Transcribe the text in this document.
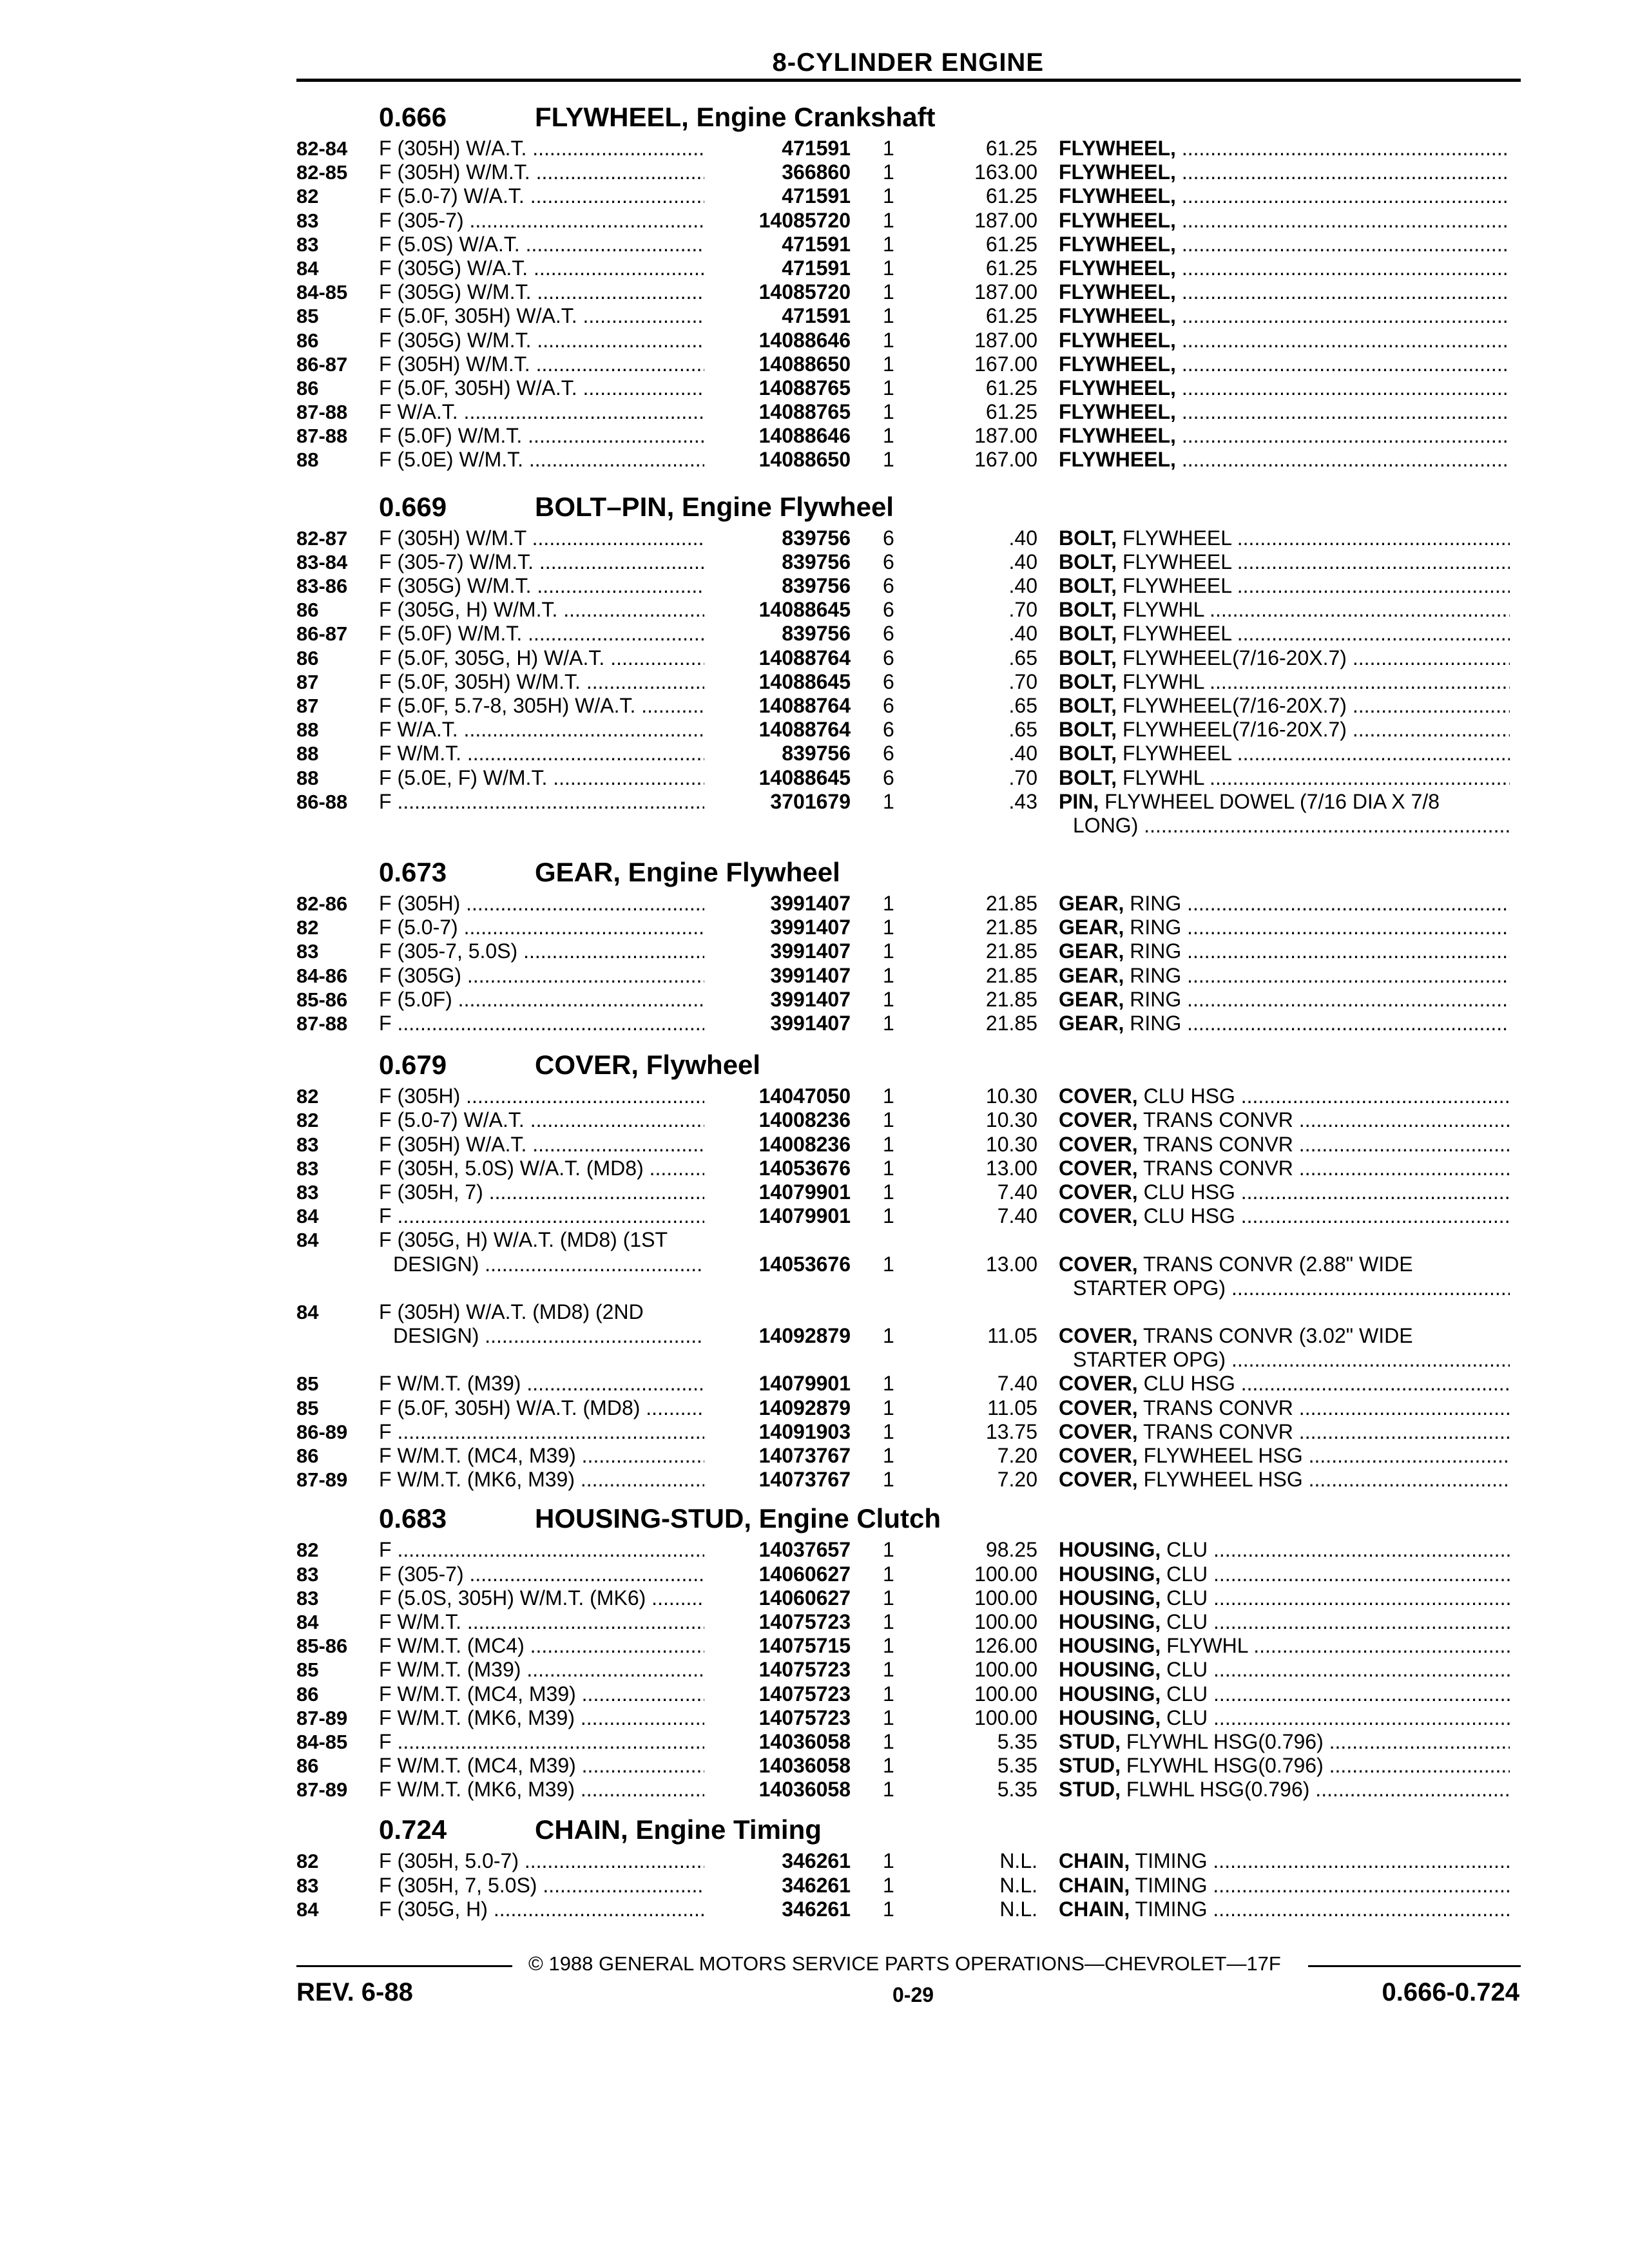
8-CYLINDER ENGINE
0.666	FLYWHEEL, Engine Crankshaft
82-84 F (305H) W/A.T. .....	471591 1	61.25 FLYWHEEL, .....
82-85 F (305H) W/M.T. .....	366860 1	163.00 FLYWHEEL, .....
82	F (5.0-7) W/A.T. .....	471591 1	61.25 FLYWHEEL, .....
83	F (305-7) .....	14085720 1	187.00 FLYWHEEL, .....
83	F (5.0S) W/A.T. .....	471591 1	61.25 FLYWHEEL, .....
84	F (305G) W/A.T. .....	471591 1	61.25 FLYWHEEL, .....
84-85 F (305G) W/M.T. .....	14085720 1	187.00 FLYWHEEL, .....
85	F (5.0F, 305H) W/A.T. .....	471591 1	61.25 FLYWHEEL, .....
86	F (305G) W/M.T. .....	14088646 1	187.00 FLYWHEEL, .....
86-87 F (305H) W/M.T. .....	14088650 1	167.00 FLYWHEEL, .....
86	F (5.0F, 305H) W/A.T. .....	14088765 1	61.25 FLYWHEEL, .....
87-88 F W/A.T. .....	14088765 1	61.25 FLYWHEEL, .....
87-88 F (5.0F) W/M.T. .....	14088646 1	187.00 FLYWHEEL, .....
88	F (5.0E) W/M.T. .....	14088650 1	167.00 FLYWHEEL, .....
0.669	BOLT–PIN, Engine Flywheel
82-87 F (305H) W/M.T .....	839756 6	.40 BOLT, FLYWHEEL .....
83-84 F (305-7) W/M.T. .....	839756 6	.40 BOLT, FLYWHEEL .....
83-86 F (305G) W/M.T. .....	839756 6	.40 BOLT, FLYWHEEL .....
86	F (305G, H) W/M.T. .....	14088645 6	.70 BOLT, FLYWHL .....
86-87 F (5.0F) W/M.T. .....	839756 6	.40 BOLT, FLYWHEEL .....
86	F (5.0F, 305G, H) W/A.T. .....	14088764 6	.65 BOLT, FLYWHEEL(7/16-20X.7) .....
87	F (5.0F, 305H) W/M.T. .....	14088645 6	.70 BOLT, FLYWHL .....
87	F (5.0F, 5.7-8, 305H) W/A.T. .....	14088764 6	.65 BOLT, FLYWHEEL(7/16-20X.7) .....
88	F W/A.T. .....	14088764 6	.65 BOLT, FLYWHEEL(7/16-20X.7) .....
88	F W/M.T. .....	839756 6	.40 BOLT, FLYWHEEL .....
88	F (5.0E, F) W/M.T. .....	14088645 6	.70 BOLT, FLYWHL .....
86-88 F .....	3701679 1	.43 PIN, FLYWHEEL DOWEL (7/16 DIA X 7/8
LONG) .....
0.673	GEAR, Engine Flywheel
82-86 F (305H) .....	3991407 1	21.85 GEAR, RING .....
82	F (5.0-7) .....	3991407 1	21.85 GEAR, RING .....
83	F (305-7, 5.0S) .....	3991407 1	21.85 GEAR, RING .....
84-86 F (305G) .....	3991407 1	21.85 GEAR, RING .....
85-86 F (5.0F) .....	3991407 1	21.85 GEAR, RING .....
87-88 F .....	3991407 1	21.85 GEAR, RING .....
0.679	COVER, Flywheel
82	F (305H) .....	14047050 1	10.30 COVER, CLU HSG .....
82	F (5.0-7) W/A.T. .....	14008236 1	10.30 COVER, TRANS CONVR .....
83	F (305H) W/A.T. .....	14008236 1	10.30 COVER, TRANS CONVR .....
83	F (305H, 5.0S) W/A.T. (MD8) .....	14053676 1	13.00 COVER, TRANS CONVR .....
83	F (305H, 7) .....	14079901 1	7.40 COVER, CLU HSG .....
84	F .....	14079901 1	7.40 COVER, CLU HSG .....
84	F (305G, H) W/A.T. (MD8) (1ST
DESIGN) .....	14053676 1	13.00 COVER, TRANS CONVR (2.88" WIDE
STARTER OPG) .....
84	F (305H) W/A.T. (MD8) (2ND
DESIGN) .....	14092879 1	11.05 COVER, TRANS CONVR (3.02" WIDE
STARTER OPG) .....
85	F W/M.T. (M39) .....	14079901 1	7.40 COVER, CLU HSG .....
85	F (5.0F, 305H) W/A.T. (MD8) .....	14092879 1	11.05 COVER, TRANS CONVR .....
86-89 F .....	14091903 1	13.75 COVER, TRANS CONVR .....
86	F W/M.T. (MC4, M39) .....	14073767 1	7.20 COVER, FLYWHEEL HSG .....
87-89 F W/M.T. (MK6, M39) .....	14073767 1	7.20 COVER, FLYWHEEL HSG .....
0.683	HOUSING-STUD, Engine Clutch
82	F .....	14037657 1	98.25 HOUSING, CLU .....
83	F (305-7) .....	14060627 1	100.00 HOUSING, CLU .....
83	F (5.0S, 305H) W/M.T. (MK6) .....	14060627 1	100.00 HOUSING, CLU .....
84	F W/M.T. .....	14075723 1	100.00 HOUSING, CLU .....
85-86 F W/M.T. (MC4) .....	14075715 1	126.00 HOUSING, FLYWHL .....
85	F W/M.T. (M39) .....	14075723 1	100.00 HOUSING, CLU .....
86	F W/M.T. (MC4, M39) .....	14075723 1	100.00 HOUSING, CLU .....
87-89 F W/M.T. (MK6, M39) .....	14075723 1	100.00 HOUSING, CLU .....
84-85 F .....	14036058 1	5.35 STUD, FLYWHL HSG(0.796) .....
86	F W/M.T. (MC4, M39) .....	14036058 1	5.35 STUD, FLYWHL HSG(0.796) .....
87-89 F W/M.T. (MK6, M39) .....	14036058 1	5.35 STUD, FLWHL HSG(0.796) .....
0.724	CHAIN, Engine Timing
82	F (305H, 5.0-7) .....	346261 1	N.L. CHAIN, TIMING .....
83	F (305H, 7, 5.0S) .....	346261 1	N.L. CHAIN, TIMING .....
84	F (305G, H) .....	346261 1	N.L. CHAIN, TIMING .....
© 1988 GENERAL MOTORS SERVICE PARTS OPERATIONS—CHEVROLET—17F
REV. 6-88	0-29	0.666-0.724
